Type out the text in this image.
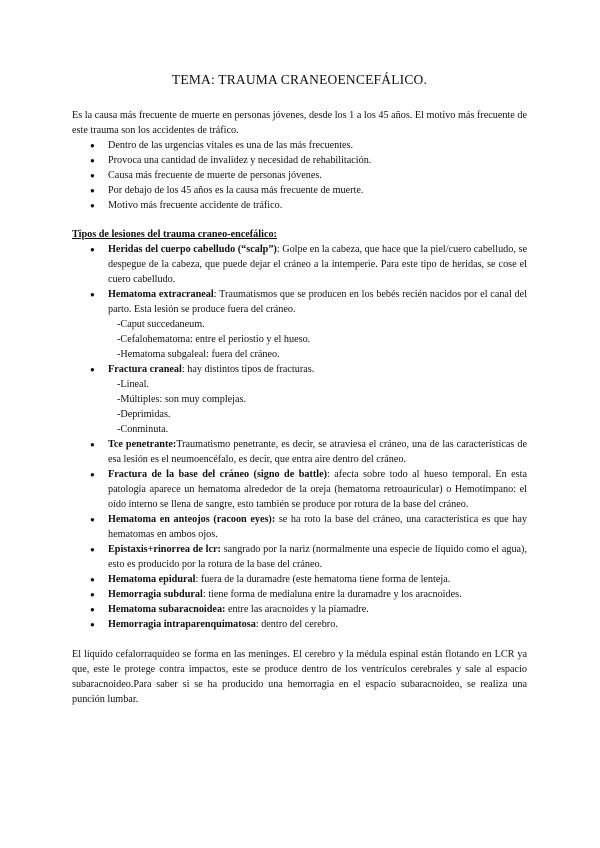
TEMA: TRAUMA CRANEOENCEFÁLICO.

Es la causa más frecuente de muerte en personas jóvenes, desde los 1 a los 45 años. El motivo más frecuente de este trauma son los accidentes de tráfico.

● Dentro de las urgencias vitales es una de las más frecuentes.
● Provoca una cantidad de invalidez y necesidad de rehabilitación.
● Causa más frecuente de muerte de personas jóvenes.
● Por debajo de los 45 años es la causa más frecuente de muerte.
● Motivo más frecuente accidente de tráfico.

Tipos de lesiones del trauma craneo-encefálico:

● Heridas del cuerpo cabelludo (“scalp”): Golpe en la cabeza, que hace que la piel/cuero cabelludo, se despegue de la cabeza, que puede dejar el cráneo a la intemperie. Para este tipo de heridas, se cose el cuero cabelludo.
● Hematoma extracraneal: Traumatismos que se producen en los bebés recién nacidos por el canal del parto. Esta lesión se produce fuera del cráneo.
-Caput succedaneum.
-Cefalohematoma: entre el periostio y el hueso.
-Hematoma subgaleal: fuera del cráneo.
● Fractura craneal: hay distintos tipos de fracturas.
-Lineal.
-Múltiples: son muy complejas.
-Deprimidas.
-Conminuta.
● Tce penetrante:Traumatismo penetrante, es decir, se atraviesa el cráneo, una de las características de esa lesión es el neumoencéfalo, es decir, que entra aire dentro del cráneo.
● Fractura de la base del cráneo (signo de battle): afecta sobre todo al hueso temporal. En esta patología aparece un hematoma alrededor de la oreja (hematoma retroauricular) o Hemotímpano: el oído interno se llena de sangre, esto también se produce por rotura de la base del cráneo.
● Hematoma en anteojos (racoon eyes): se ha roto la base del cráneo, una característica es que hay hematomas en ambos ojos.
● Epistaxis+rinorrea de lcr: sangrado por la nariz (normalmente una especie de líquido como el agua), esto es producido por la rotura de la base del cráneo.
● Hematoma epidural: fuera de la duramadre (este hematoma tiene forma de lenteja.
● Hemorragia subdural: tiene forma de medialuna entre la duramadre y los aracnoides.
● Hematoma subaracnoidea: entre las aracnoides y la piamadre.
● Hemorragia intraparenquimatosa: dentro del cerebro.

El líquido cefalorraquídeo se forma en las meninges. El cerebro y la médula espinal están flotando en LCR ya que, este le protege contra impactos, este se produce dentro de los ventrículos cerebrales y sale al espacio subaracnoideo.Para saber si se ha producido una hemorragia en el espacio subaracnoideo, se realiza una punción lumbar.
